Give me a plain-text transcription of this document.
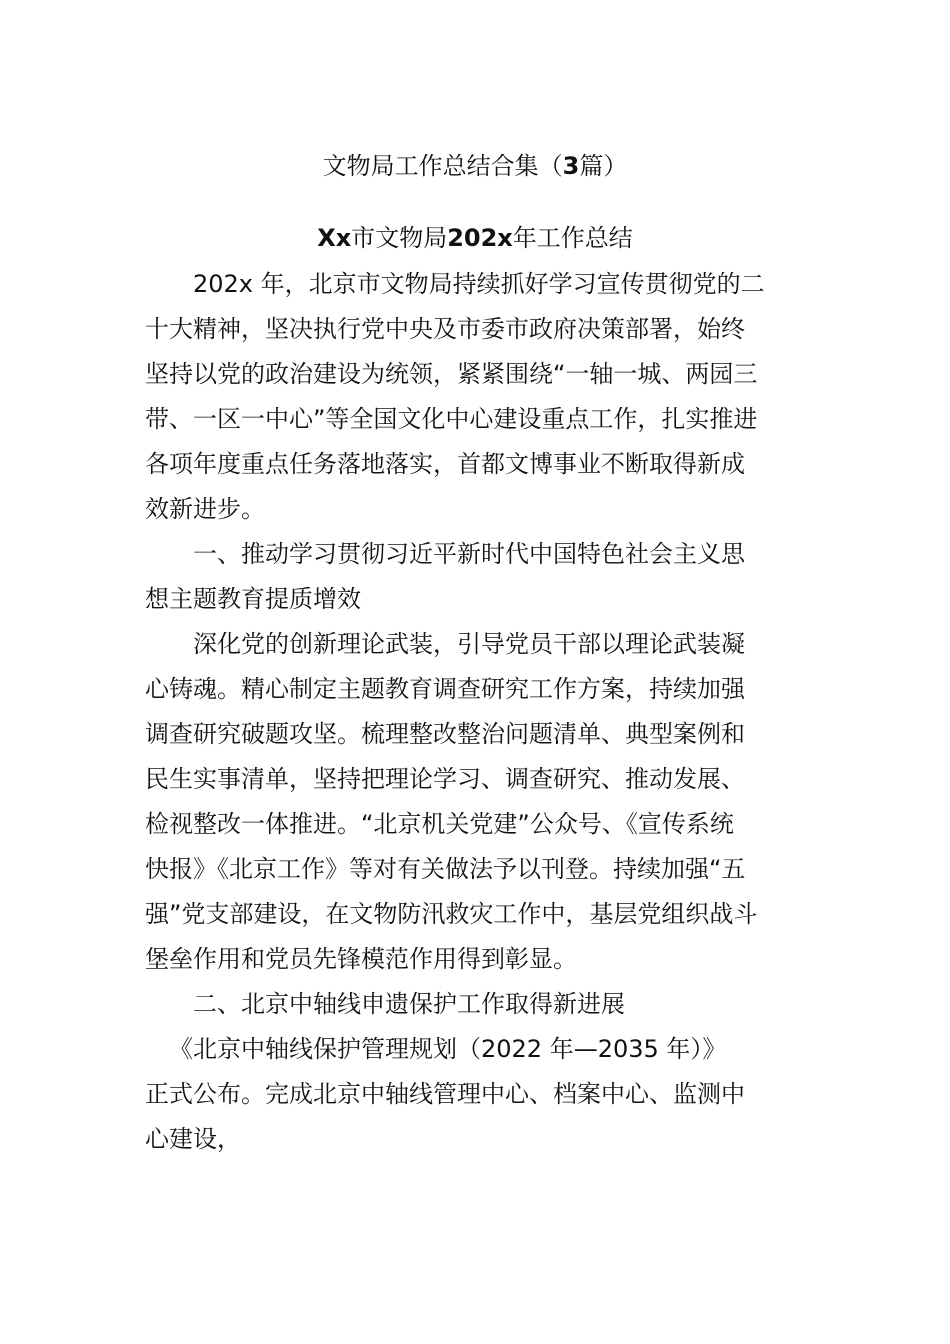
文物局工作总结合集（3篇）
Xx市文物局202x年工作总结

202x 年，北京市文物局持续抓好学习宣传贯彻党的二
十大精神，坚决执行党中央及市委市政府决策部署，始终
坚持以党的政治建设为统领，紧紧围绕“一轴一城、两园三
带、一区一中心”等全国文化中心建设重点工作，扎实推进
各项年度重点任务落地落实，首都文博事业不断取得新成
效新进步。

一、推动学习贯彻习近平新时代中国特色社会主义思
想主题教育提质增效

深化党的创新理论武装，引导党员干部以理论武装凝
心铸魂。精心制定主题教育调查研究工作方案，持续加强
调查研究破题攻坚。梳理整改整治问题清单、典型案例和
民生实事清单，坚持把理论学习、调查研究、推动发展、
检视整改一体推进。“北京机关党建”公众号、《宣传系统
快报》《北京工作》等对有关做法予以刊登。持续加强“五
强”党支部建设，在文物防汛救灾工作中，基层党组织战斗
堡垒作用和党员先锋模范作用得到彰显。

二、北京中轴线申遗保护工作取得新进展

《北京中轴线保护管理规划（2022 年—2035 年）》
正式公布。完成北京中轴线管理中心、档案中心、监测中
心建设，
